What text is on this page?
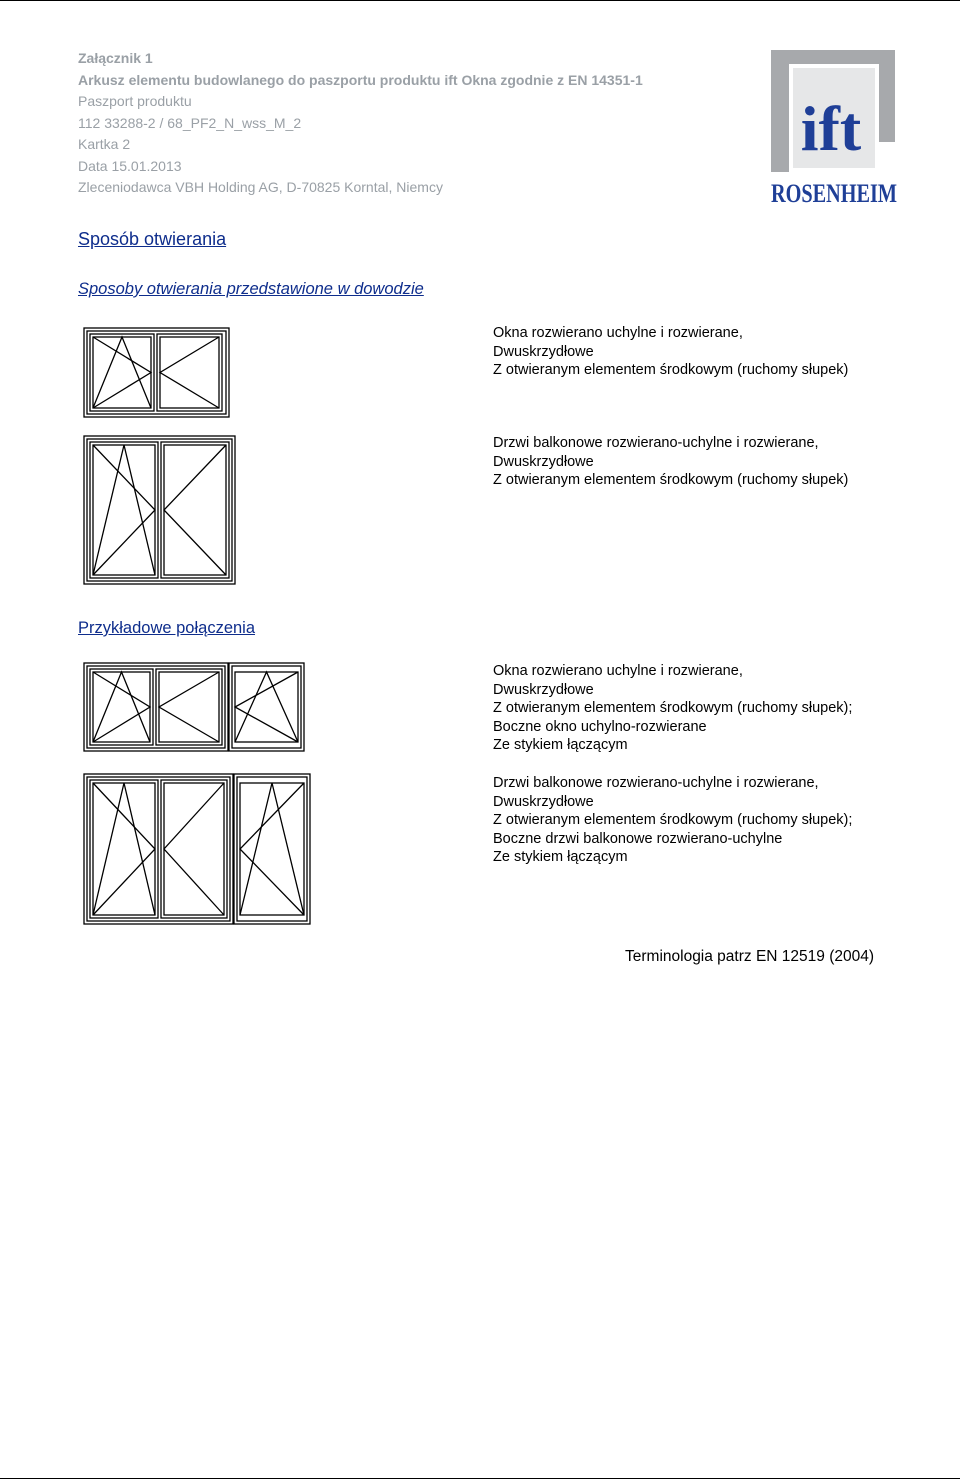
Załącznik 1
Arkusz elementu budowlanego do paszportu produktu ift Okna zgodnie z EN 14351-1
Paszport produktu
112 33288-2 / 68_PF2_N_wss_M_2
Kartka 2
Data 15.01.2013
Zleceniodawca VBH Holding AG, D-70825 Korntal, Niemcy
ift
ROSENHEIM
Sposób otwierania
Sposoby otwierania przedstawione w dowodzie
Przykładowe połączenia
Okna rozwierano uchylne i rozwierane,
Dwuskrzydłowe
Z otwieranym elementem środkowym (ruchomy słupek)
Drzwi balkonowe rozwierano-uchylne i rozwierane,
Dwuskrzydłowe
Z otwieranym elementem środkowym (ruchomy słupek)
Okna rozwierano uchylne i rozwierane,
Dwuskrzydłowe
Z otwieranym elementem środkowym (ruchomy słupek);
Boczne okno uchylno-rozwierane
Ze stykiem łączącym
Drzwi balkonowe rozwierano-uchylne i rozwierane,
Dwuskrzydłowe
Z otwieranym elementem środkowym (ruchomy słupek);
Boczne drzwi balkonowe rozwierano-uchylne
Ze stykiem łączącym
Terminologia patrz EN 12519 (2004)
